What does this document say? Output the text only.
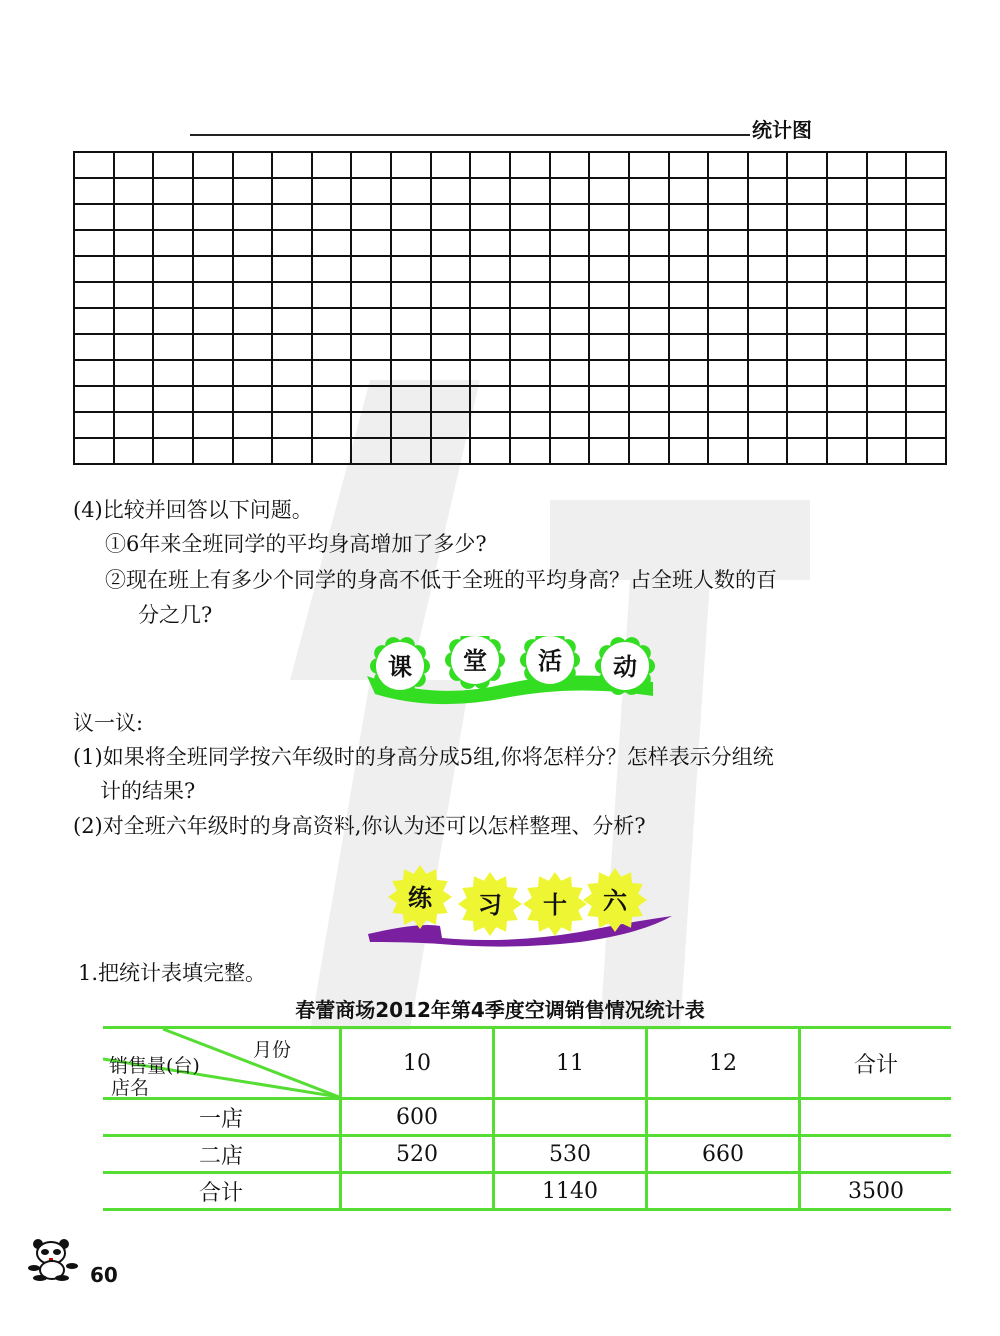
统计图
(4)比较并回答以下问题。
①6年来全班同学的平均身高增加了多少?
②现在班上有多少个同学的身高不低于全班的平均身高？占全班人数的百
分之几?
课 堂 活 动
议一议:
(1)如果将全班同学按六年级时的身高分成5组,你将怎样分？怎样表示分组统
计的结果?
(2)对全班六年级时的身高资料,你认为还可以怎样整理、分析?
练 习 十 六
1.把统计表填完整。
春蕾商场2012年第4季度空调销售情况统计表
月份
销售量(台)
店名	10	11	12	合计
一店	600			
二店	520	530	660	
合计		1140		3500
60
